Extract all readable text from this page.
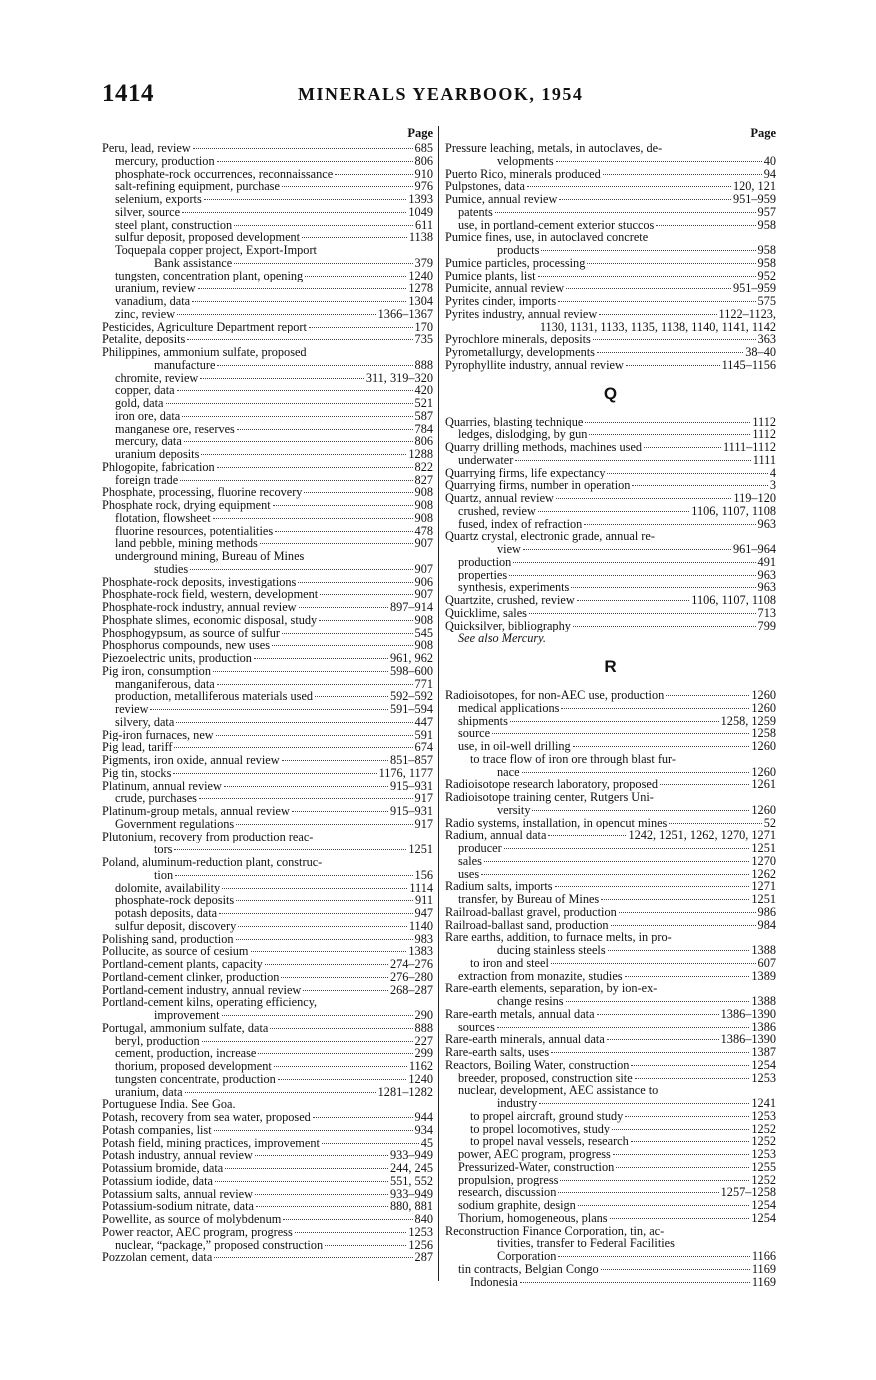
1414	MINERALS YEARBOOK, 1954
Page
Peru, lead, review	685
mercury, production	806
phosphate-rock occurrences, reconnaissance	910
salt-refining equipment, purchase	976
selenium, exports	1393
silver, source	1049
steel plant, construction	611
sulfur deposit, proposed development	1138
Toquepala copper project, Export-Import
Bank assistance	379
tungsten, concentration plant, opening	1240
uranium, review	1278
vanadium, data	1304
zinc, review	1366–1367
Pesticides, Agriculture Department report	170
Petalite, deposits	735
Philippines, ammonium sulfate, proposed
manufacture	888
chromite, review	311, 319–320
copper, data	420
gold, data	521
iron ore, data	587
manganese ore, reserves	784
mercury, data	806
uranium deposits	1288
Phlogopite, fabrication	822
foreign trade	827
Phosphate, processing, fluorine recovery	908
Phosphate rock, drying equipment	908
flotation, flowsheet	908
fluorine resources, potentialities	478
land pebble, mining methods	907
underground mining, Bureau of Mines
studies	907
Phosphate-rock deposits, investigations	906
Phosphate-rock field, western, development	907
Phosphate-rock industry, annual review	897–914
Phosphate slimes, economic disposal, study	908
Phosphogypsum, as source of sulfur	545
Phosphorus compounds, new uses	908
Piezoelectric units, production	961, 962
Pig iron, consumption	598–600
manganiferous, data	771
production, metalliferous materials used	592–592
review	591–594
silvery, data	447
Pig-iron furnaces, new	591
Pig lead, tariff	674
Pigments, iron oxide, annual review	851–857
Pig tin, stocks	1176, 1177
Platinum, annual review	915–931
crude, purchases	917
Platinum-group metals, annual review	915–931
Government regulations	917
Plutonium, recovery from production reac-
tors	1251
Poland, aluminum-reduction plant, construc-
tion	156
dolomite, availability	1114
phosphate-rock deposits	911
potash deposits, data	947
sulfur deposit, discovery	1140
Polishing sand, production	983
Pollucite, as source of cesium	1383
Portland-cement plants, capacity	274–276
Portland-cement clinker, production	276–280
Portland-cement industry, annual review	268–287
Portland-cement kilns, operating efficiency,
improvement	290
Portugal, ammonium sulfate, data	888
beryl, production	227
cement, production, increase	299
thorium, proposed development	1162
tungsten concentrate, production	1240
uranium, data	1281–1282
Portuguese India. See Goa.
Potash, recovery from sea water, proposed	944
Potash companies, list	934
Potash field, mining practices, improvement	45
Potash industry, annual review	933–949
Potassium bromide, data	244, 245
Potassium iodide, data	551, 552
Potassium salts, annual review	933–949
Potassium-sodium nitrate, data	880, 881
Powellite, as source of molybdenum	840
Power reactor, AEC program, progress	1253
nuclear, “package,” proposed construction	1256
Pozzolan cement, data	287
Page
Pressure leaching, metals, in autoclaves, de-
velopments	40
Puerto Rico, minerals produced	94
Pulpstones, data	120, 121
Pumice, annual review	951–959
patents	957
use, in portland-cement exterior stuccos	958
Pumice fines, use, in autoclaved concrete
products	958
Pumice particles, processing	958
Pumice plants, list	952
Pumicite, annual review	951–959
Pyrites cinder, imports	575
Pyrites industry, annual review	1122–1123,
1130, 1131, 1133, 1135, 1138, 1140, 1141, 1142
Pyrochlore minerals, deposits	363
Pyrometallurgy, developments	38–40
Pyrophyllite industry, annual review	1145–1156
Q
Quarries, blasting technique	1112
ledges, dislodging, by gun	1112
Quarry drilling methods, machines used	1111–1112
underwater	1111
Quarrying firms, life expectancy	4
Quarrying firms, number in operation	3
Quartz, annual review	119–120
crushed, review	1106, 1107, 1108
fused, index of refraction	963
Quartz crystal, electronic grade, annual re-
view	961–964
production	491
properties	963
synthesis, experiments	963
Quartzite, crushed, review	1106, 1107, 1108
Quicklime, sales	713
Quicksilver, bibliography	799
See also Mercury.
R
Radioisotopes, for non-AEC use, production	1260
medical applications	1260
shipments	1258, 1259
source	1258
use, in oil-well drilling	1260
to trace flow of iron ore through blast fur-
nace	1260
Radioisotope research laboratory, proposed	1261
Radioisotope training center, Rutgers Uni-
versity	1260
Radio systems, installation, in opencut mines	52
Radium, annual data	1242, 1251, 1262, 1270, 1271
producer	1251
sales	1270
uses	1262
Radium salts, imports	1271
transfer, by Bureau of Mines	1251
Railroad-ballast gravel, production	986
Railroad-ballast sand, production	984
Rare earths, addition, to furnace melts, in pro-
ducing stainless steels	1388
to iron and steel	607
extraction from monazite, studies	1389
Rare-earth elements, separation, by ion-ex-
change resins	1388
Rare-earth metals, annual data	1386–1390
sources	1386
Rare-earth minerals, annual data	1386–1390
Rare-earth salts, uses	1387
Reactors, Boiling Water, construction	1254
breeder, proposed, construction site	1253
nuclear, development, AEC assistance to
industry	1241
to propel aircraft, ground study	1253
to propel locomotives, study	1252
to propel naval vessels, research	1252
power, AEC program, progress	1253
Pressurized-Water, construction	1255
propulsion, progress	1252
research, discussion	1257–1258
sodium graphite, design	1254
Thorium, homogeneous, plans	1254
Reconstruction Finance Corporation, tin, ac-
tivities, transfer to Federal Facilities
Corporation	1166
tin contracts, Belgian Congo	1169
Indonesia	1169
